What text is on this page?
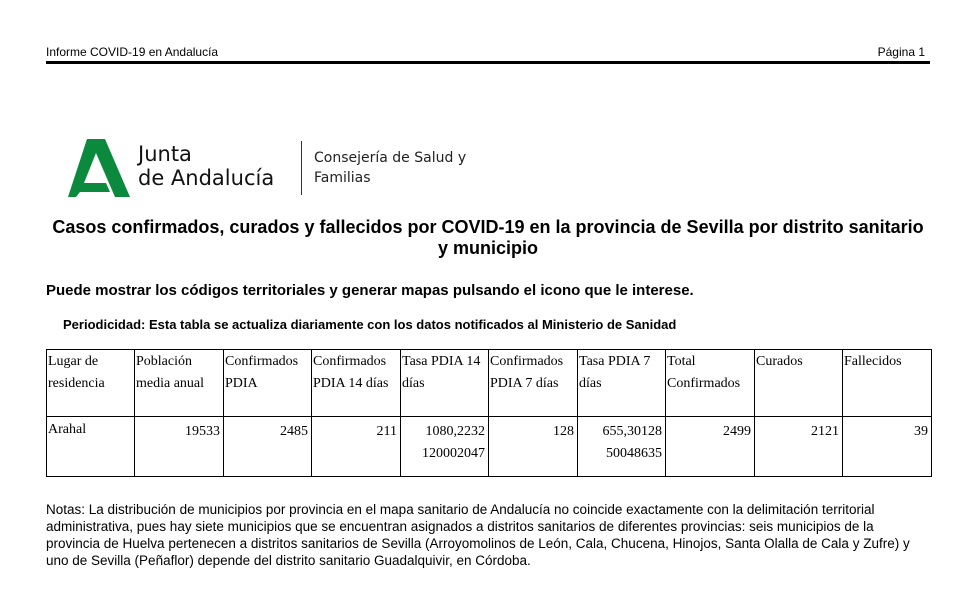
Informe COVID-19 en Andalucía	Página 1
Junta
de Andalucía
Consejería de Salud y
Familias
Casos confirmados, curados y fallecidos por COVID-19 en la provincia de Sevilla por distrito sanitario y municipio
Puede mostrar los códigos territoriales y generar mapas pulsando el icono que le interese.
Periodicidad: Esta tabla se actualiza diariamente con los datos notificados al Ministerio de Sanidad
Lugar de residencia	Población media anual	Confirmados PDIA	Confirmados PDIA 14 días	Tasa PDIA 14 días	Confirmados PDIA 7 días	Tasa PDIA 7 días	Total Confirmados	Curados	Fallecidos
Arahal	19533	2485	211	1080,2232 120002047	128	655,30128 50048635	2499	2121	39
Notas: La distribución de municipios por provincia en el mapa sanitario de Andalucía no coincide exactamente con la delimitación territorial administrativa, pues hay siete municipios que se encuentran asignados a distritos sanitarios de diferentes provincias: seis municipios de la provincia de Huelva pertenecen a distritos sanitarios de Sevilla (Arroyomolinos de León, Cala, Chucena, Hinojos, Santa Olalla de Cala y Zufre) y uno de Sevilla (Peñaflor) depende del distrito sanitario Guadalquivir, en Córdoba.
